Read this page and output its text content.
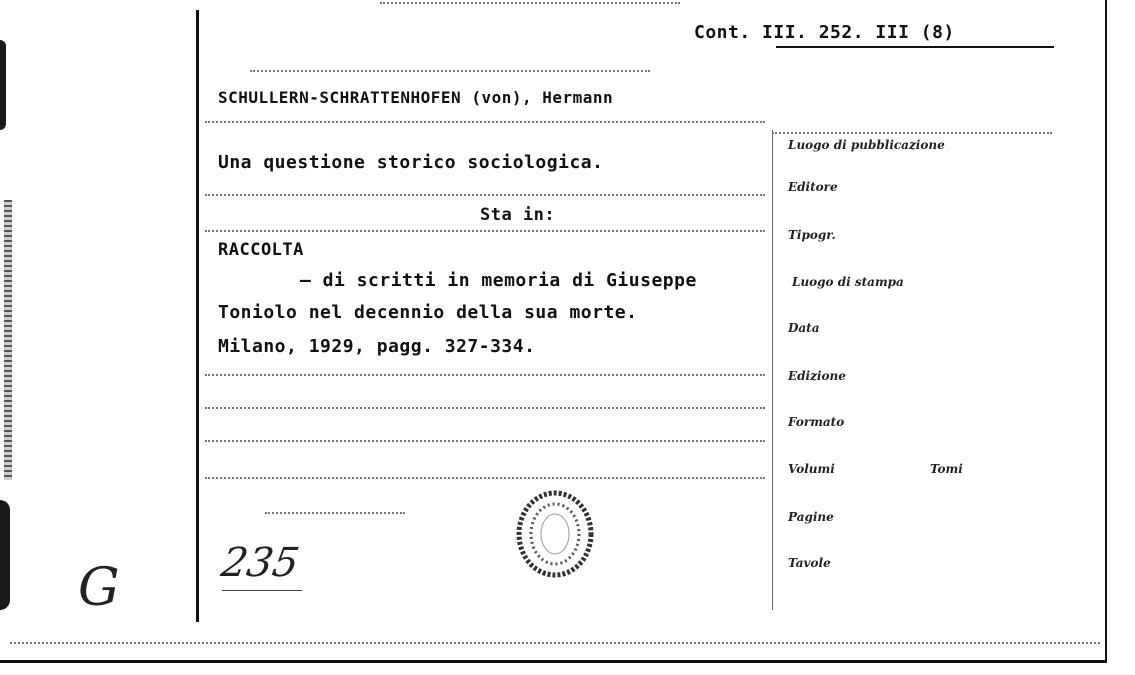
Cont. III. 252. III (8)
SCHULLERN-SCHRATTENHOFEN (von), Hermann
Una questione storico sociologica.
Sta in:
RACCOLTA
— di scritti in memoria di Giuseppe
Toniolo nel decennio della sua morte.
Milano, 1929, pagg. 327-334.
Luogo di pubblicazione
Editore
Tipogr.
Luogo di stampa
Data
Edizione
Formato
Volumi	Tomi
Pagine
Tavole
235
G
